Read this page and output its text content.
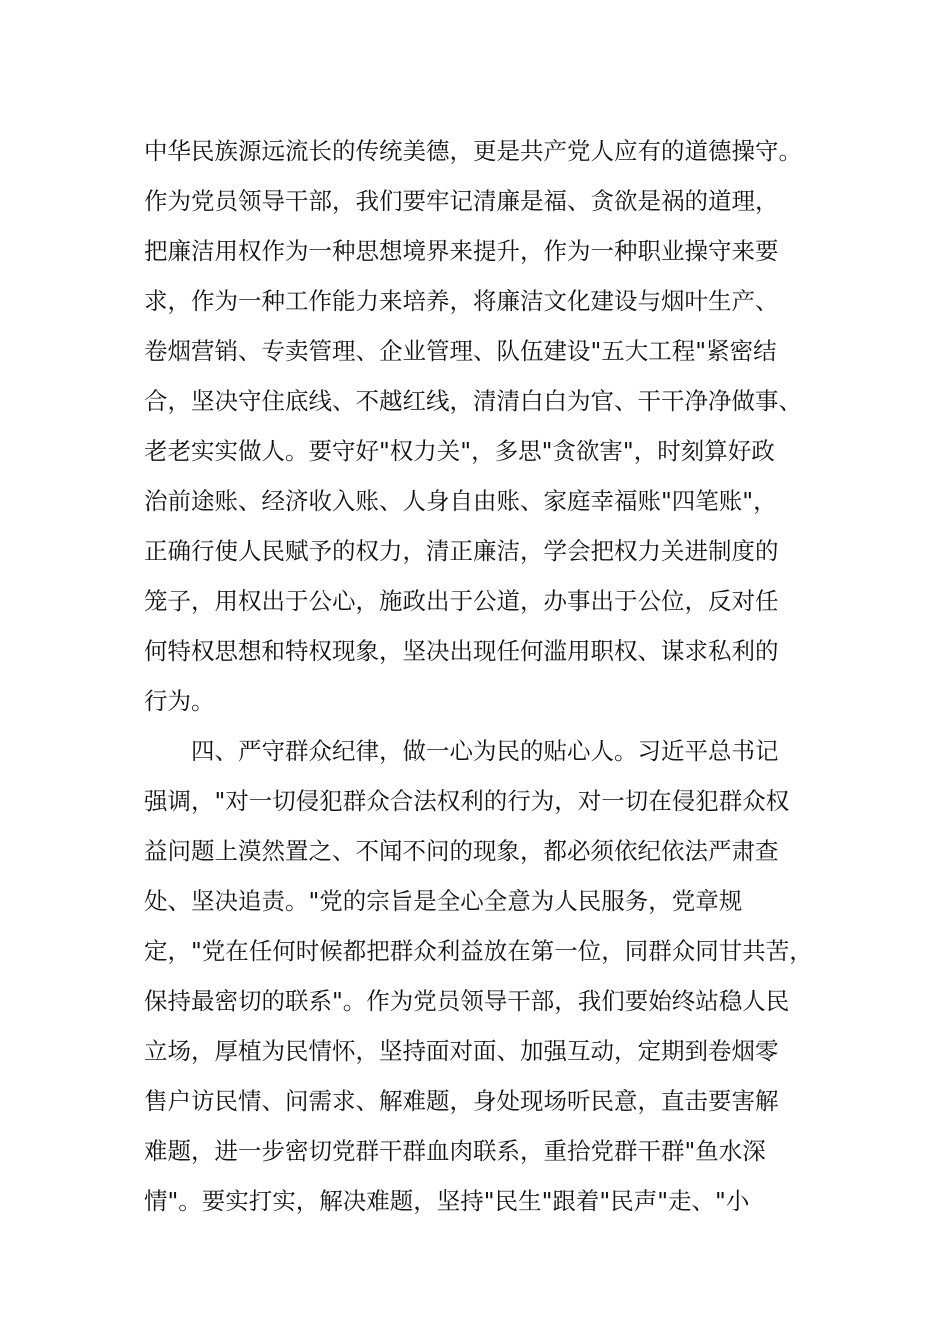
中华民族源远流长的传统美德，更是共产党人应有的道德操守。
作为党员领导干部，我们要牢记清廉是福、贪欲是祸的道理，
把廉洁用权作为一种思想境界来提升，作为一种职业操守来要
求，作为一种工作能力来培养，将廉洁文化建设与烟叶生产、
卷烟营销、专卖管理、企业管理、队伍建设"五大工程"紧密结
合，坚决守住底线、不越红线，清清白白为官、干干净净做事、
老老实实做人。要守好"权力关"，多思"贪欲害"，时刻算好政
治前途账、经济收入账、人身自由账、家庭幸福账"四笔账"，
正确行使人民赋予的权力，清正廉洁，学会把权力关进制度的
笼子，用权出于公心，施政出于公道，办事出于公位，反对任
何特权思想和特权现象，坚决出现任何滥用职权、谋求私利的
行为。
四、严守群众纪律，做一心为民的贴心人。习近平总书记
强调，"对一切侵犯群众合法权利的行为，对一切在侵犯群众权
益问题上漠然置之、不闻不问的现象，都必须依纪依法严肃查
处、坚决追责。"党的宗旨是全心全意为人民服务，党章规
定，"党在任何时候都把群众利益放在第一位，同群众同甘共苦，
保持最密切的联系"。作为党员领导干部，我们要始终站稳人民
立场，厚植为民情怀，坚持面对面、加强互动，定期到卷烟零
售户访民情、问需求、解难题，身处现场听民意，直击要害解
难题，进一步密切党群干群血肉联系，重拾党群干群"鱼水深
情"。要实打实，解决难题，坚持"民生"跟着"民声"走、"小
